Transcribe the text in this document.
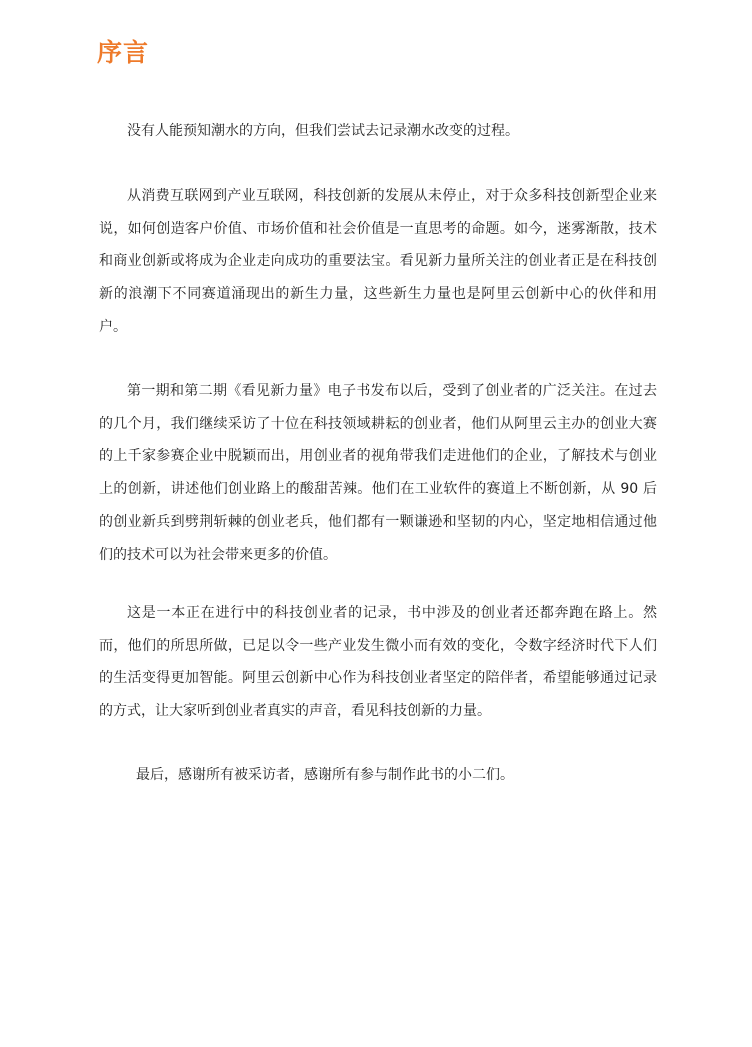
序言

没有人能预知潮水的方向，但我们尝试去记录潮水改变的过程。

从消费互联网到产业互联网，科技创新的发展从未停止，对于众多科技创新型企业来说，如何创造客户价值、市场价值和社会价值是一直思考的命题。如今，迷雾渐散，技术和商业创新或将成为企业走向成功的重要法宝。看见新力量所关注的创业者正是在科技创新的浪潮下不同赛道涌现出的新生力量，这些新生力量也是阿里云创新中心的伙伴和用户。

第一期和第二期《看见新力量》电子书发布以后，受到了创业者的广泛关注。在过去的几个月，我们继续采访了十位在科技领域耕耘的创业者，他们从阿里云主办的创业大赛的上千家参赛企业中脱颖而出，用创业者的视角带我们走进他们的企业，了解技术与创业上的创新，讲述他们创业路上的酸甜苦辣。他们在工业软件的赛道上不断创新，从 90 后的创业新兵到劈荆斩棘的创业老兵，他们都有一颗谦逊和坚韧的内心，坚定地相信通过他们的技术可以为社会带来更多的价值。

这是一本正在进行中的科技创业者的记录，书中涉及的创业者还都奔跑在路上。然而，他们的所思所做，已足以令一些产业发生微小而有效的变化，令数字经济时代下人们的生活变得更加智能。阿里云创新中心作为科技创业者坚定的陪伴者，希望能够通过记录的方式，让大家听到创业者真实的声音，看见科技创新的力量。

最后，感谢所有被采访者，感谢所有参与制作此书的小二们。
